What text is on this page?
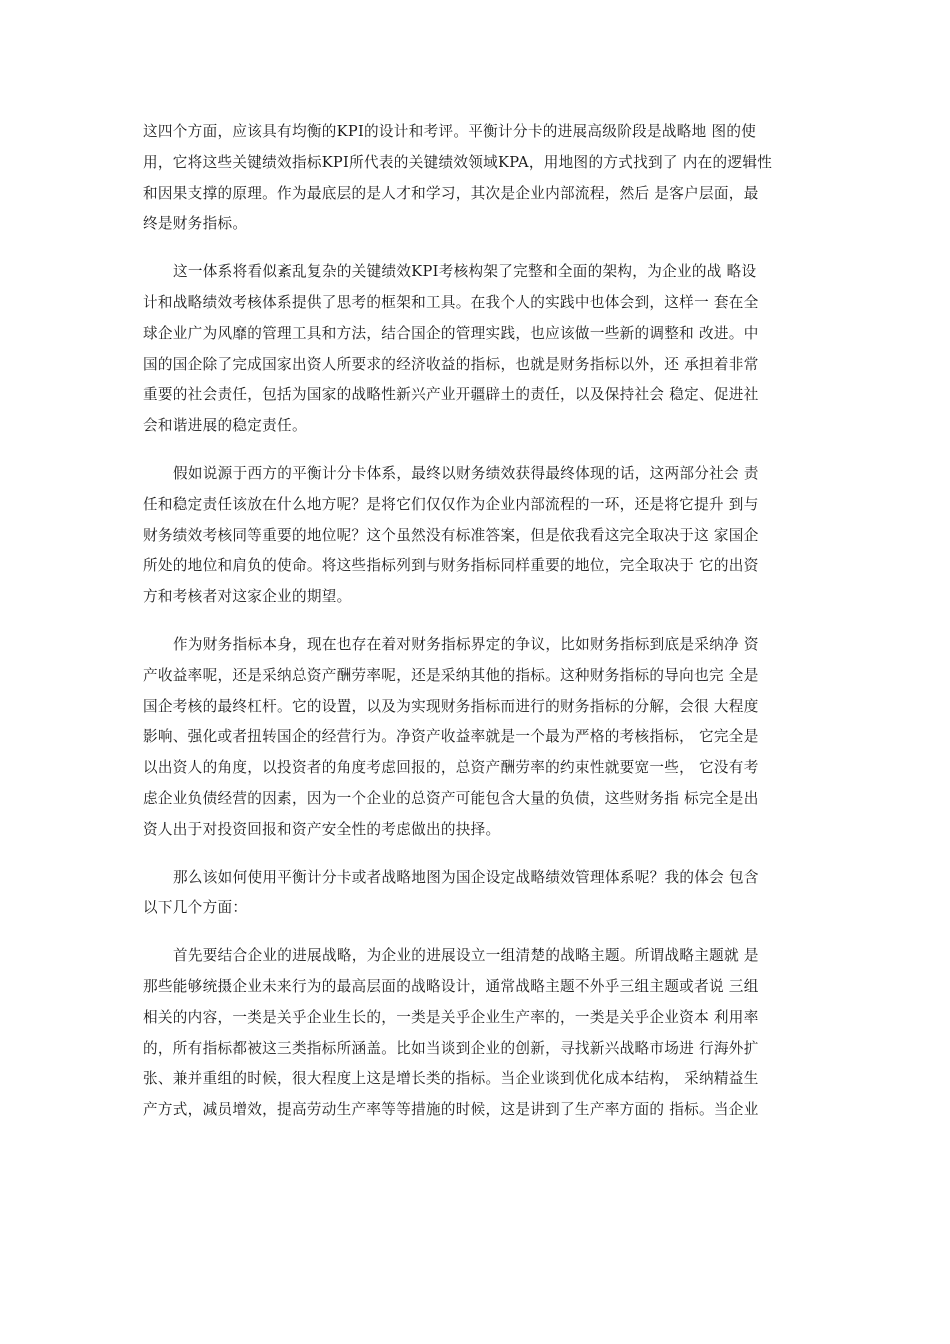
这四个方面，应该具有均衡的KPI的设计和考评。平衡计分卡的进展高级阶段是战略地 图的使
用，它将这些关键绩效指标KPI所代表的关键绩效领域KPA，用地图的方式找到了 内在的逻辑性
和因果支撑的原理。作为最底层的是人才和学习，其次是企业内部流程，然后 是客户层面，最
终是财务指标。
这一体系将看似紊乱复杂的关键绩效KPI考核构架了完整和全面的架构，为企业的战 略设
计和战略绩效考核体系提供了思考的框架和工具。在我个人的实践中也体会到，这样一 套在全
球企业广为风靡的管理工具和方法，结合国企的管理实践，也应该做一些新的调整和 改进。中
国的国企除了完成国家出资人所要求的经济收益的指标，也就是财务指标以外，还 承担着非常
重要的社会责任，包括为国家的战略性新兴产业开疆辟土的责任，以及保持社会 稳定、促进社
会和谐进展的稳定责任。
假如说源于西方的平衡计分卡体系，最终以财务绩效获得最终体现的话，这两部分社会 责
任和稳定责任该放在什么地方呢？是将它们仅仅作为企业内部流程的一环，还是将它提升 到与
财务绩效考核同等重要的地位呢？这个虽然没有标准答案，但是依我看这完全取决于这 家国企
所处的地位和肩负的使命。将这些指标列到与财务指标同样重要的地位，完全取决于 它的出资
方和考核者对这家企业的期望。
作为财务指标本身，现在也存在着对财务指标界定的争议，比如财务指标到底是采纳净 资
产收益率呢，还是采纳总资产酬劳率呢，还是采纳其他的指标。这种财务指标的导向也完 全是
国企考核的最终杠杆。它的设置，以及为实现财务指标而进行的财务指标的分解，会很 大程度
影响、强化或者扭转国企的经营行为。净资产收益率就是一个最为严格的考核指标， 它完全是
以出资人的角度，以投资者的角度考虑回报的，总资产酬劳率的约束性就要宽一些， 它没有考
虑企业负债经营的因素，因为一个企业的总资产可能包含大量的负债，这些财务指 标完全是出
资人出于对投资回报和资产安全性的考虑做出的抉择。
那么该如何使用平衡计分卡或者战略地图为国企设定战略绩效管理体系呢？我的体会 包含
以下几个方面：
首先要结合企业的进展战略，为企业的进展设立一组清楚的战略主题。所谓战略主题就 是
那些能够统摄企业未来行为的最高层面的战略设计，通常战略主题不外乎三组主题或者说 三组
相关的内容，一类是关乎企业生长的，一类是关乎企业生产率的，一类是关乎企业资本 利用率
的，所有指标都被这三类指标所涵盖。比如当谈到企业的创新，寻找新兴战略市场进 行海外扩
张、兼并重组的时候，很大程度上这是增长类的指标。当企业谈到优化成本结构， 采纳精益生
产方式，减员增效，提高劳动生产率等等措施的时候，这是讲到了生产率方面的 指标。当企业
